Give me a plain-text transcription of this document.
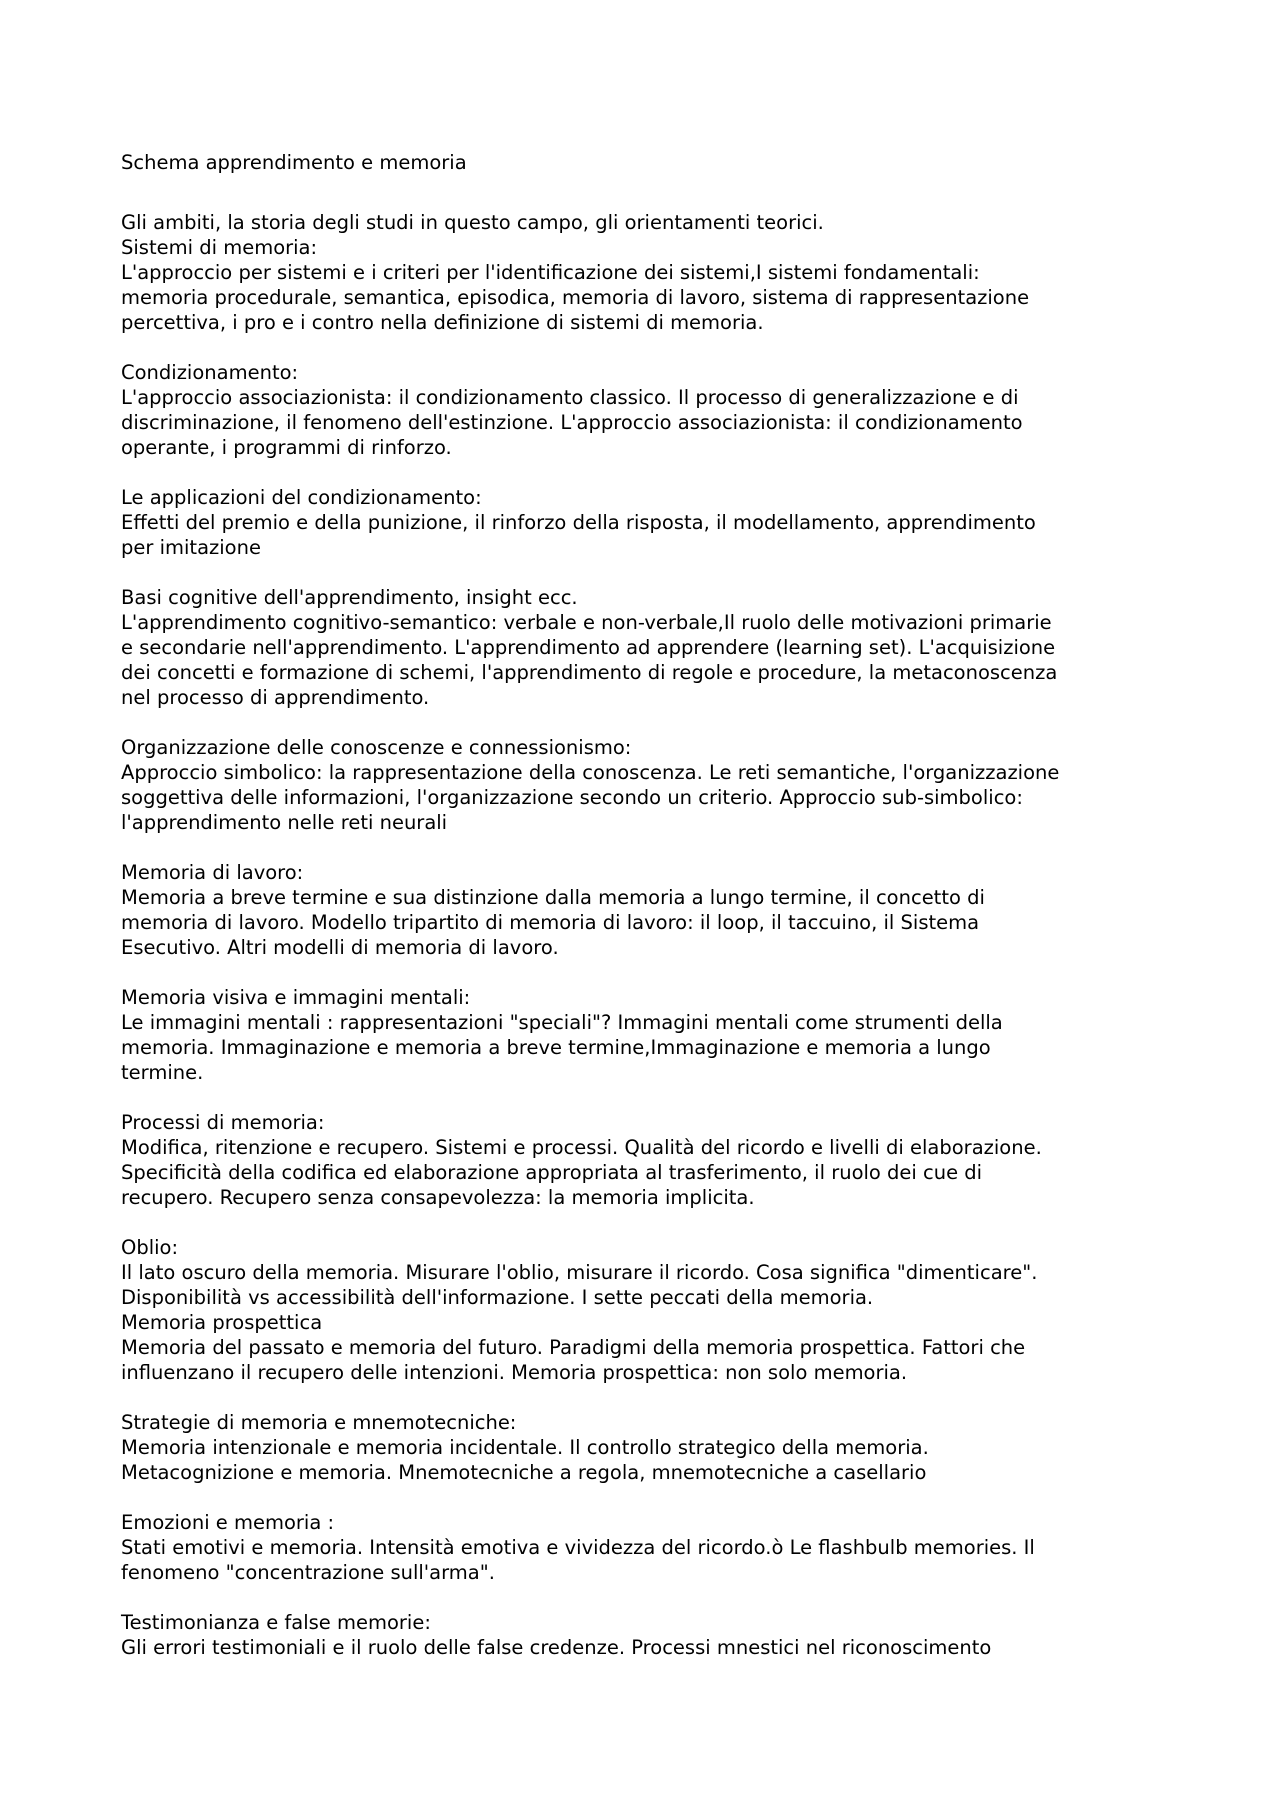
Schema apprendimento e memoria
Gli ambiti, la storia degli studi in questo campo, gli orientamenti teorici.
Sistemi di memoria:
L'approccio per sistemi e i criteri per l'identificazione dei sistemi,I sistemi fondamentali:
memoria procedurale, semantica, episodica, memoria di lavoro, sistema di rappresentazione
percettiva, i pro e i contro nella definizione di sistemi di memoria.
Condizionamento:
L'approccio associazionista: il condizionamento classico. Il processo di generalizzazione e di
discriminazione, il fenomeno dell'estinzione. L'approccio associazionista: il condizionamento
operante, i programmi di rinforzo.
Le applicazioni del condizionamento:
Effetti del premio e della punizione, il rinforzo della risposta, il modellamento, apprendimento
per imitazione
Basi cognitive dell'apprendimento, insight ecc.
L'apprendimento cognitivo-semantico: verbale e non-verbale,Il ruolo delle motivazioni primarie
e secondarie nell'apprendimento. L'apprendimento ad apprendere (learning set). L'acquisizione
dei concetti e formazione di schemi, l'apprendimento di regole e procedure, la metaconoscenza
nel processo di apprendimento.
Organizzazione delle conoscenze e connessionismo:
Approccio simbolico: la rappresentazione della conoscenza. Le reti semantiche, l'organizzazione
soggettiva delle informazioni, l'organizzazione secondo un criterio. Approccio sub-simbolico:
l'apprendimento nelle reti neurali
Memoria di lavoro:
Memoria a breve termine e sua distinzione dalla memoria a lungo termine, il concetto di
memoria di lavoro. Modello tripartito di memoria di lavoro: il loop, il taccuino, il Sistema
Esecutivo. Altri modelli di memoria di lavoro.
Memoria visiva e immagini mentali:
Le immagini mentali : rappresentazioni "speciali"? Immagini mentali come strumenti della
memoria. Immaginazione e memoria a breve termine,Immaginazione e memoria a lungo
termine.
Processi di memoria:
Modifica, ritenzione e recupero. Sistemi e processi. Qualità del ricordo e livelli di elaborazione.
Specificità della codifica ed elaborazione appropriata al trasferimento, il ruolo dei cue di
recupero. Recupero senza consapevolezza: la memoria implicita.
Oblio:
Il lato oscuro della memoria. Misurare l'oblio, misurare il ricordo. Cosa significa "dimenticare".
Disponibilità vs accessibilità dell'informazione. I sette peccati della memoria.
Memoria prospettica
Memoria del passato e memoria del futuro. Paradigmi della memoria prospettica. Fattori che
influenzano il recupero delle intenzioni. Memoria prospettica: non solo memoria.
Strategie di memoria e mnemotecniche:
Memoria intenzionale e memoria incidentale. Il controllo strategico della memoria.
Metacognizione e memoria. Mnemotecniche a regola, mnemotecniche a casellario
Emozioni e memoria :
Stati emotivi e memoria. Intensità emotiva e vividezza del ricordo.ò Le flashbulb memories. Il
fenomeno "concentrazione sull'arma".
Testimonianza e false memorie:
Gli errori testimoniali e il ruolo delle false credenze. Processi mnestici nel riconoscimento
